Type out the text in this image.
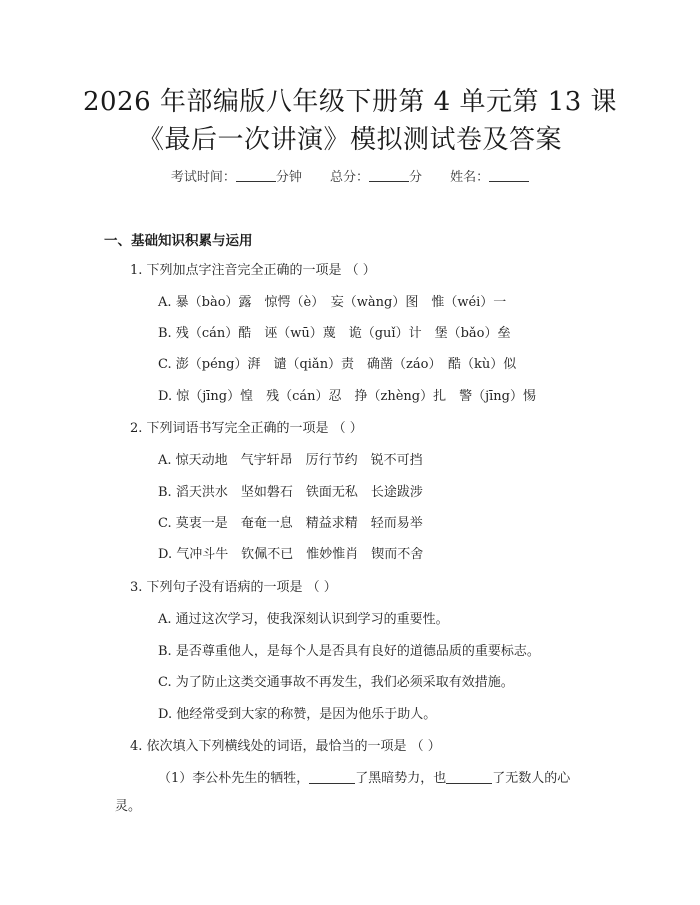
2026 年部编版八年级下册第 4 单元第 13 课
《最后一次讲演》模拟测试卷及答案
考试时间：	分钟 总分：	分 姓名：
一、基础知识积累与运用
1. 下列加点字注音完全正确的一项是 （ ）
A. 暴（bào）露　惊愕（è）　妄（wàng）图　惟（wéi）一
B. 残（cán）酷　诬（wū）蔑　诡（guǐ）计　堡（bǎo）垒
C. 澎（péng）湃　谴（qiǎn）责　确凿（záo）　酷（kù）似
D. 惊（jīng）惶　残（cán）忍　挣（zhèng）扎　警（jīng）惕
2. 下列词语书写完全正确的一项是 （ ）
A. 惊天动地　气宇轩昂　厉行节约　锐不可挡
B. 滔天洪水　坚如磐石　铁面无私　长途跋涉
C. 莫衷一是　奄奄一息　精益求精　轻而易举
D. 气冲斗牛　钦佩不已　惟妙惟肖　锲而不舍
3. 下列句子没有语病的一项是 （ ）
A. 通过这次学习，使我深刻认识到学习的重要性。
B. 是否尊重他人，是每个人是否具有良好的道德品质的重要标志。
C. 为了防止这类交通事故不再发生，我们必须采取有效措施。
D. 他经常受到大家的称赞，是因为他乐于助人。
4. 依次填入下列横线处的词语，最恰当的一项是 （ ）
（1）李公朴先生的牺牲，	了黑暗势力，也	了无数人的心
灵。
